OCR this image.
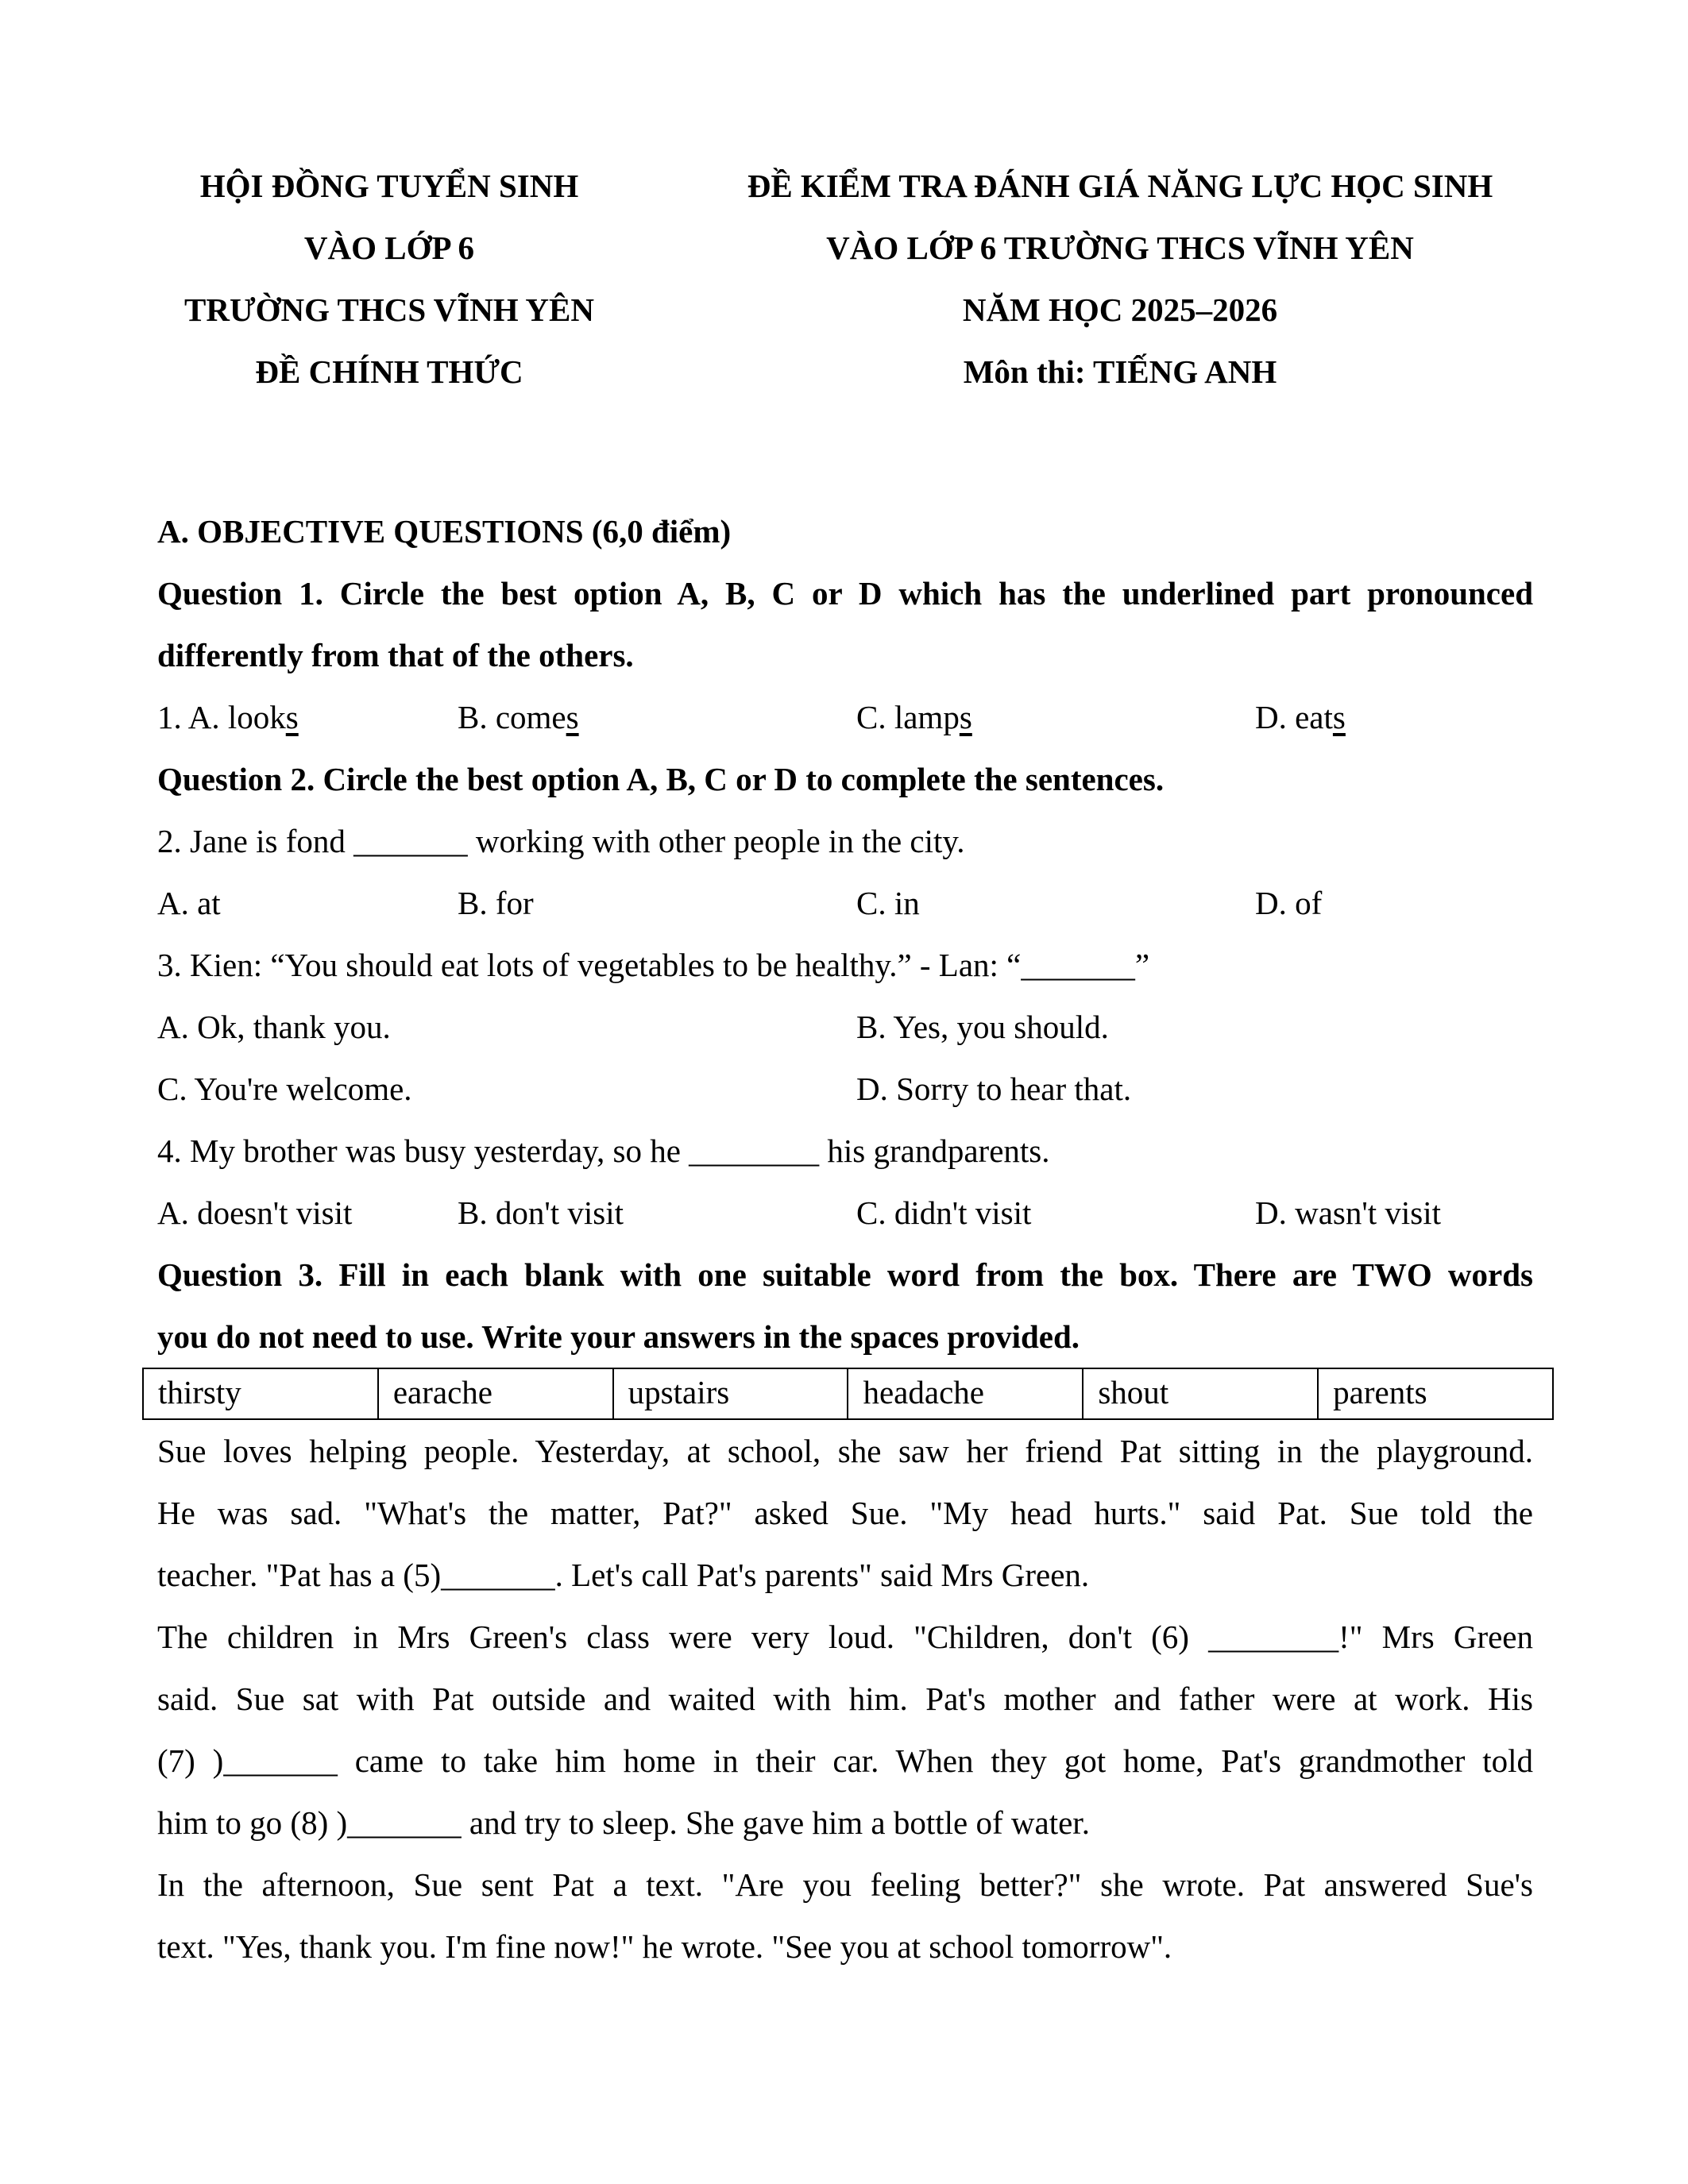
HỘI ĐỒNG TUYỂN SINH
VÀO LỚP 6
TRƯỜNG THCS VĨNH YÊN
ĐỀ CHÍNH THỨC
ĐỀ KIỂM TRA ĐÁNH GIÁ NĂNG LỰC HỌC SINH
VÀO LỚP 6 TRƯỜNG THCS VĨNH YÊN
NĂM HỌC 2025–2026
Môn thi: TIẾNG ANH
A. OBJECTIVE QUESTIONS (6,0 điểm)
Question 1. Circle the best option A, B, C or D which has the underlined part pronounced
differently from that of the others.
1. A. looks	B. comes	C. lamps	D. eats
Question 2. Circle the best option A, B, C or D to complete the sentences.
2. Jane is fond _______ working with other people in the city.
A. at	B. for	C. in	D. of
3. Kien: “You should eat lots of vegetables to be healthy.” - Lan: “_______”
A. Ok, thank you.	B. Yes, you should.
C. You're welcome.	D. Sorry to hear that.
4. My brother was busy yesterday, so he ________ his grandparents.
A. doesn't visit	B. don't visit	C. didn't visit	D. wasn't visit
Question 3. Fill in each blank with one suitable word from the box. There are TWO words
you do not need to use. Write your answers in the spaces provided.
thirsty	earache	upstairs	headache	shout	parents
Sue loves helping people. Yesterday, at school, she saw her friend Pat sitting in the playground.
He was sad. "What's the matter, Pat?" asked Sue. "My head hurts." said Pat. Sue told the
teacher. "Pat has a (5)_______. Let's call Pat's parents" said Mrs Green.
The children in Mrs Green's class were very loud. "Children, don't (6) ________!" Mrs Green
said. Sue sat with Pat outside and waited with him. Pat's mother and father were at work. His
(7) )_______ came to take him home in their car. When they got home, Pat's grandmother told
him to go (8) )_______ and try to sleep. She gave him a bottle of water.
In the afternoon, Sue sent Pat a text. "Are you feeling better?" she wrote. Pat answered Sue's
text. "Yes, thank you. I'm fine now!" he wrote. "See you at school tomorrow".
